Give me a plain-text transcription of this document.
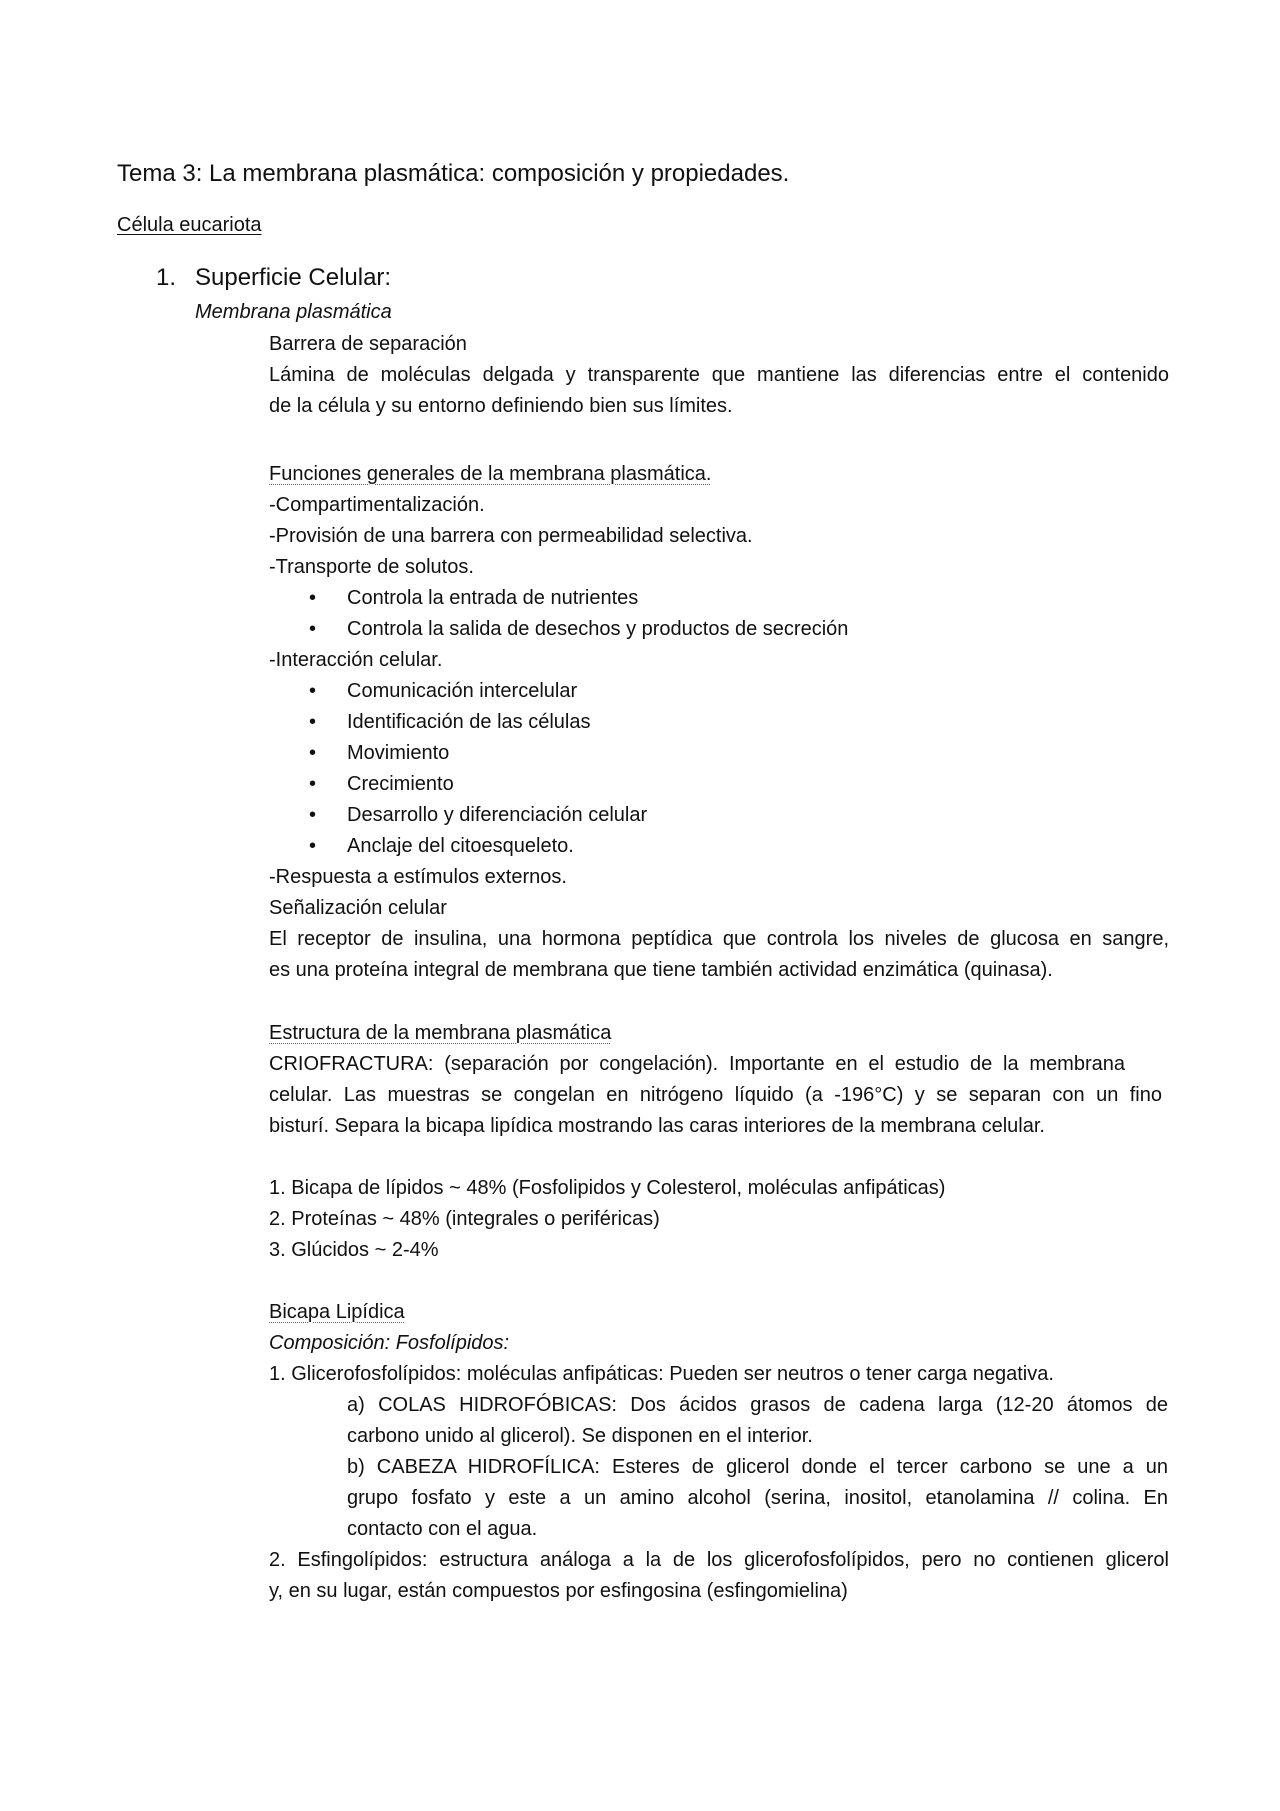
Tema 3: La membrana plasmática: composición y propiedades.
Célula eucariota
1. Superficie Celular:
Membrana plasmática
Barrera de separación
Lámina de moléculas delgada y transparente que mantiene las diferencias entre el contenido
de la célula y su entorno definiendo bien sus límites.
Funciones generales de la membrana plasmática.
-Compartimentalización.
-Provisión de una barrera con permeabilidad selectiva.
-Transporte de solutos.
• Controla la entrada de nutrientes
• Controla la salida de desechos y productos de secreción
-Interacción celular.
• Comunicación intercelular
• Identificación de las células
• Movimiento
• Crecimiento
• Desarrollo y diferenciación celular
• Anclaje del citoesqueleto.
-Respuesta a estímulos externos.
Señalización celular
El receptor de insulina, una hormona peptídica que controla los niveles de glucosa en sangre,
es una proteína integral de membrana que tiene también actividad enzimática (quinasa).
Estructura de la membrana plasmática
CRIOFRACTURA: (separación por congelación). Importante en el estudio de la membrana
celular. Las muestras se congelan en nitrógeno líquido (a -196°C) y se separan con un fino
bisturí. Separa la bicapa lipídica mostrando las caras interiores de la membrana celular.
1. Bicapa de lípidos ~ 48% (Fosfolipidos y Colesterol, moléculas anfipáticas)
2. Proteínas ~ 48% (integrales o periféricas)
3. Glúcidos ~ 2-4%
Bicapa Lipídica
Composición: Fosfolípidos:
1. Glicerofosfolípidos: moléculas anfipáticas: Pueden ser neutros o tener carga negativa.
a) COLAS HIDROFÓBICAS: Dos ácidos grasos de cadena larga (12-20 átomos de
carbono unido al glicerol). Se disponen en el interior.
b) CABEZA HIDROFÍLICA: Esteres de glicerol donde el tercer carbono se une a un
grupo fosfato y este a un amino alcohol (serina, inositol, etanolamina // colina. En
contacto con el agua.
2. Esfingolípidos: estructura análoga a la de los glicerofosfolípidos, pero no contienen glicerol
y, en su lugar, están compuestos por esfingosina (esfingomielina)
